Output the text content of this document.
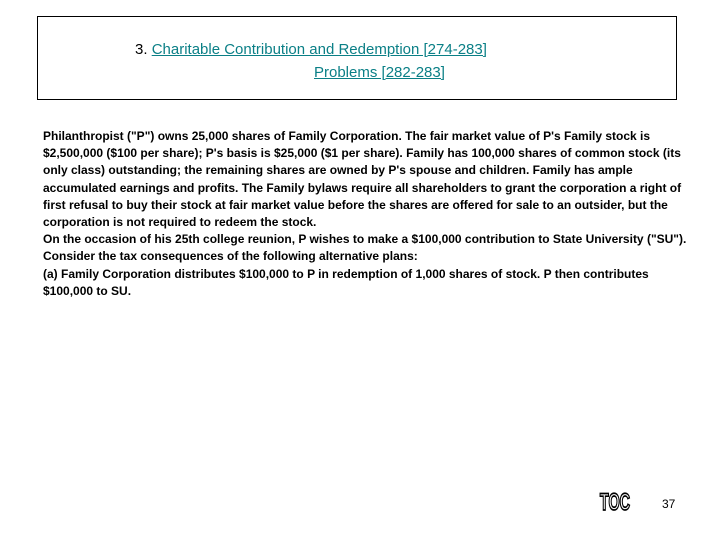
3. Charitable Contribution and Redemption [274-283]
Problems [282-283]

Philanthropist ("P") owns 25,000 shares of Family Corporation. The fair market value of P's Family stock is $2,500,000 ($100 per share); P's basis is $25,000 ($1 per share). Family has 100,000 shares of common stock (its only class) outstanding; the remaining shares are owned by P's spouse and children. Family has ample accumulated earnings and profits. The Family bylaws require all shareholders to grant the corporation a right of first refusal to buy their stock at fair market value before the shares are offered for sale to an outsider, but the corporation is not required to redeem the stock.

On the occasion of his 25th college reunion, P wishes to make a $100,000 contribution to State University ("SU"). Consider the tax consequences of the following alternative plans:

(a) Family Corporation distributes $100,000 to P in redemption of 1,000 shares of stock. P then contributes $100,000 to SU.

TOC	37
